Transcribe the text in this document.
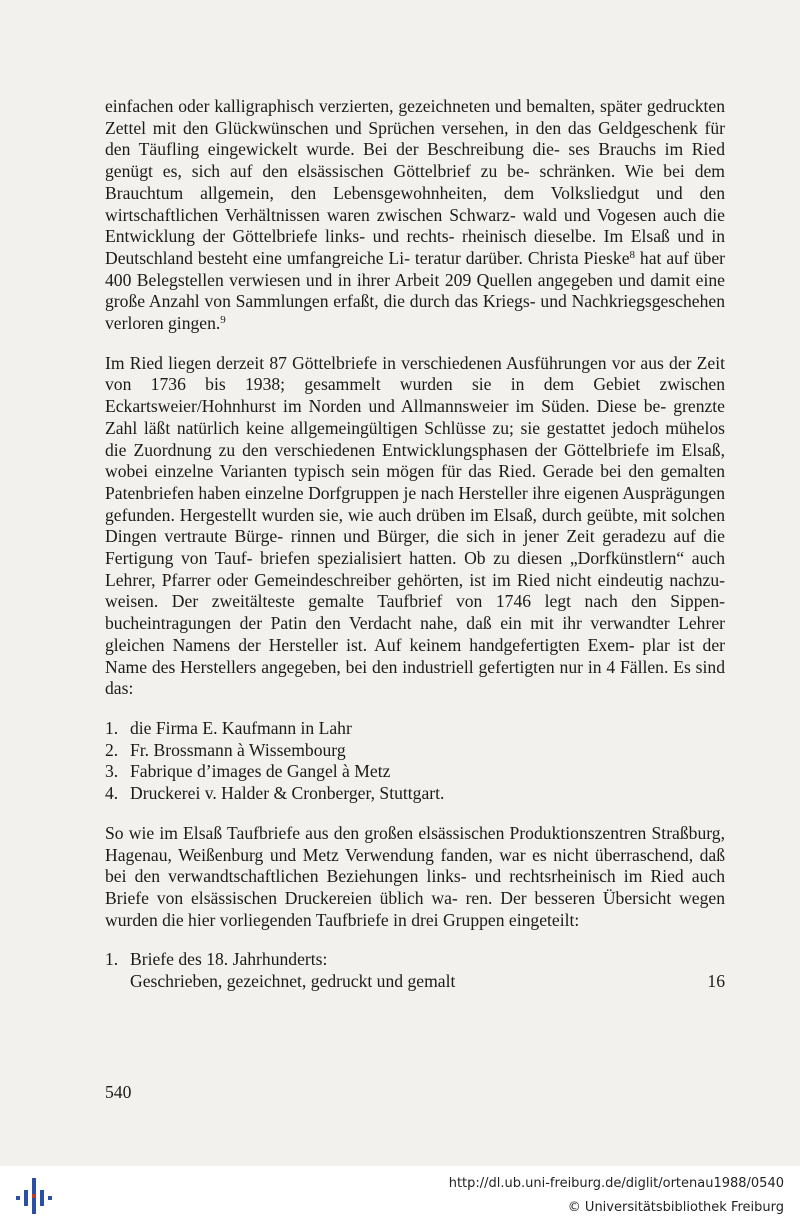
einfachen oder kalligraphisch verzierten, gezeichneten und bemalten, später gedruckten Zettel mit den Glückwünschen und Sprüchen versehen, in den das Geldgeschenk für den Täufling eingewickelt wurde. Bei der Beschreibung die- ses Brauchs im Ried genügt es, sich auf den elsässischen Göttelbrief zu be- schränken. Wie bei dem Brauchtum allgemein, den Lebensgewohnheiten, dem Volksliedgut und den wirtschaftlichen Verhältnissen waren zwischen Schwarz- wald und Vogesen auch die Entwicklung der Göttelbriefe links- und rechts- rheinisch dieselbe. Im Elsaß und in Deutschland besteht eine umfangreiche Li- teratur darüber. Christa Pieske$^8$ hat auf über 400 Belegstellen verwiesen und in ihrer Arbeit 209 Quellen angegeben und damit eine große Anzahl von Sammlungen erfaßt, die durch das Kriegs- und Nachkriegsgeschehen verloren gingen.$^9$

Im Ried liegen derzeit 87 Göttelbriefe in verschiedenen Ausführungen vor aus der Zeit von 1736 bis 1938; gesammelt wurden sie in dem Gebiet zwischen Eckartsweier/Hohnhurst im Norden und Allmannsweier im Süden. Diese be- grenzte Zahl läßt natürlich keine allgemeingültigen Schlüsse zu; sie gestattet jedoch mühelos die Zuordnung zu den verschiedenen Entwicklungsphasen der Göttelbriefe im Elsaß, wobei einzelne Varianten typisch sein mögen für das Ried. Gerade bei den gemalten Patenbriefen haben einzelne Dorfgruppen je nach Hersteller ihre eigenen Ausprägungen gefunden. Hergestellt wurden sie, wie auch drüben im Elsaß, durch geübte, mit solchen Dingen vertraute Bürge- rinnen und Bürger, die sich in jener Zeit geradezu auf die Fertigung von Tauf- briefen spezialisiert hatten. Ob zu diesen „Dorfkünstlern“ auch Lehrer, Pfarrer oder Gemeindeschreiber gehörten, ist im Ried nicht eindeutig nachzu- weisen. Der zweitälteste gemalte Taufbrief von 1746 legt nach den Sippen- bucheintragungen der Patin den Verdacht nahe, daß ein mit ihr verwandter Lehrer gleichen Namens der Hersteller ist. Auf keinem handgefertigten Exem- plar ist der Name des Herstellers angegeben, bei den industriell gefertigten nur in 4 Fällen. Es sind das:

1. die Firma E. Kaufmann in Lahr
2. Fr. Brossmann à Wissembourg
3. Fabrique d’images de Gangel à Metz
4. Druckerei v. Halder & Cronberger, Stuttgart.

So wie im Elsaß Taufbriefe aus den großen elsässischen Produktionszentren Straßburg, Hagenau, Weißenburg und Metz Verwendung fanden, war es nicht überraschend, daß bei den verwandtschaftlichen Beziehungen links- und rechtsrheinisch im Ried auch Briefe von elsässischen Druckereien üblich wa- ren. Der besseren Übersicht wegen wurden die hier vorliegenden Taufbriefe in drei Gruppen eingeteilt:

1. Briefe des 18. Jahrhunderts:
Geschrieben, gezeichnet, gedruckt und gemalt	16
540
http://dl.ub.uni-freiburg.de/diglit/ortenau1988/0540
© Universitätsbibliothek Freiburg
